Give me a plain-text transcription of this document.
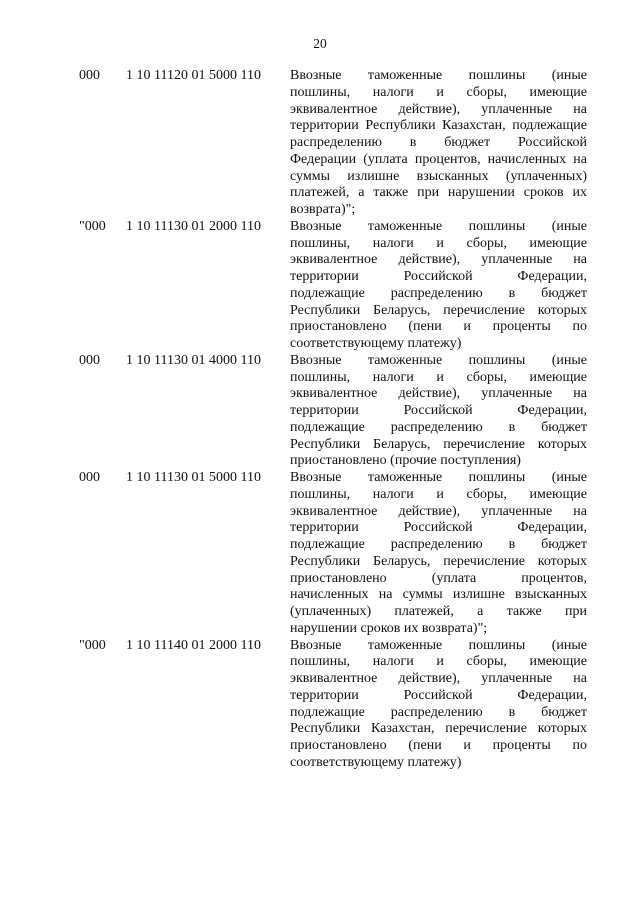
20
000 1 10 11120 01 5000 110 Ввозные таможенные пошлины (иные
пошлины, налоги и сборы, имеющие
эквивалентное действие), уплаченные на
территории Республики Казахстан, подлежащие
распределению в бюджет Российской
Федерации (уплата процентов, начисленных на
суммы излишне взысканных (уплаченных)
платежей, а также при нарушении сроков их
возврата)";
"000 1 10 11130 01 2000 110 Ввозные таможенные пошлины (иные
пошлины, налоги и сборы, имеющие
эквивалентное действие), уплаченные на
территории Российской Федерации,
подлежащие распределению в бюджет
Республики Беларусь, перечисление которых
приостановлено (пени и проценты по
соответствующему платежу)
000 1 10 11130 01 4000 110 Ввозные таможенные пошлины (иные
пошлины, налоги и сборы, имеющие
эквивалентное действие), уплаченные на
территории Российской Федерации,
подлежащие распределению в бюджет
Республики Беларусь, перечисление которых
приостановлено (прочие поступления)
000 1 10 11130 01 5000 110 Ввозные таможенные пошлины (иные
пошлины, налоги и сборы, имеющие
эквивалентное действие), уплаченные на
территории Российской Федерации,
подлежащие распределению в бюджет
Республики Беларусь, перечисление которых
приостановлено (уплата процентов,
начисленных на суммы излишне взысканных
(уплаченных) платежей, а также при
нарушении сроков их возврата)";
"000 1 10 11140 01 2000 110 Ввозные таможенные пошлины (иные
пошлины, налоги и сборы, имеющие
эквивалентное действие), уплаченные на
территории Российской Федерации,
подлежащие распределению в бюджет
Республики Казахстан, перечисление которых
приостановлено (пени и проценты по
соответствующему платежу)
